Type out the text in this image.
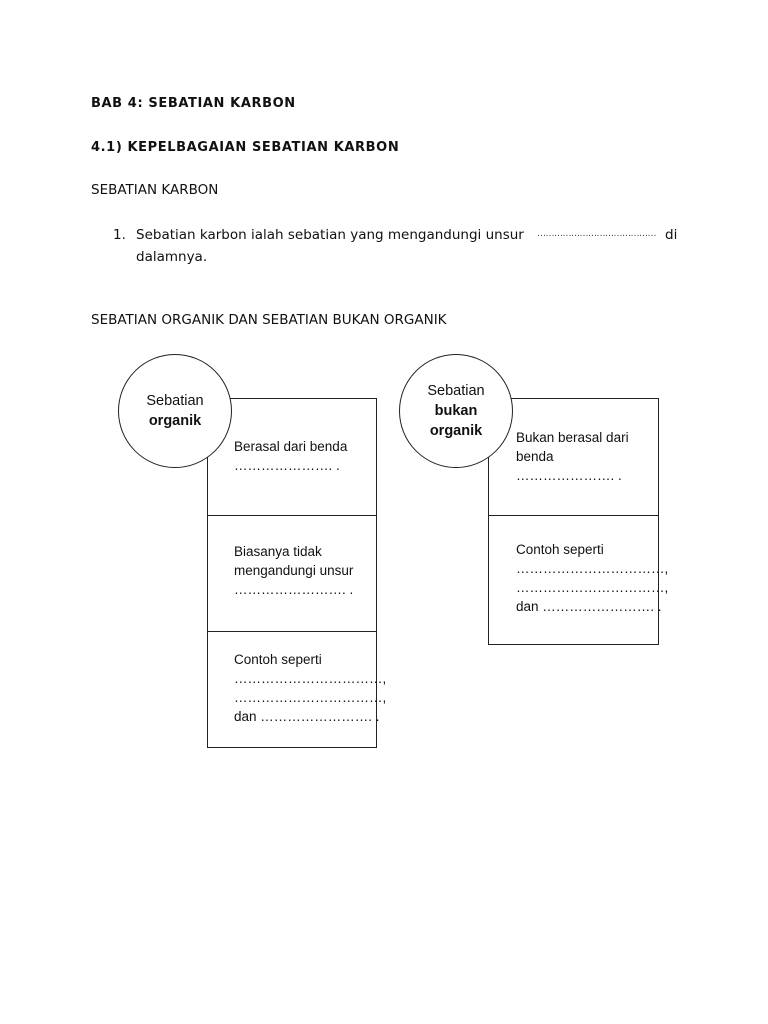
BAB 4: SEBATIAN KARBON
4.1) KEPELBAGAIAN SEBATIAN KARBON
SEBATIAN KARBON
1. Sebatian karbon ialah sebatian yang mengandungi unsur …………………………………… di
dalamnya.
SEBATIAN ORGANIK DAN SEBATIAN BUKAN ORGANIK
Sebatian
organik
Berasal dari benda
…………………. .
Biasanya tidak
mengandungi unsur
……………………. .
Contoh seperti
……………………………,
……………………………,
dan ……………………. .
Sebatian
bukan
organik	Bukan berasal dari
benda
…………………. .
Contoh seperti
……………………………,
……………………………,
dan ……………………. .
